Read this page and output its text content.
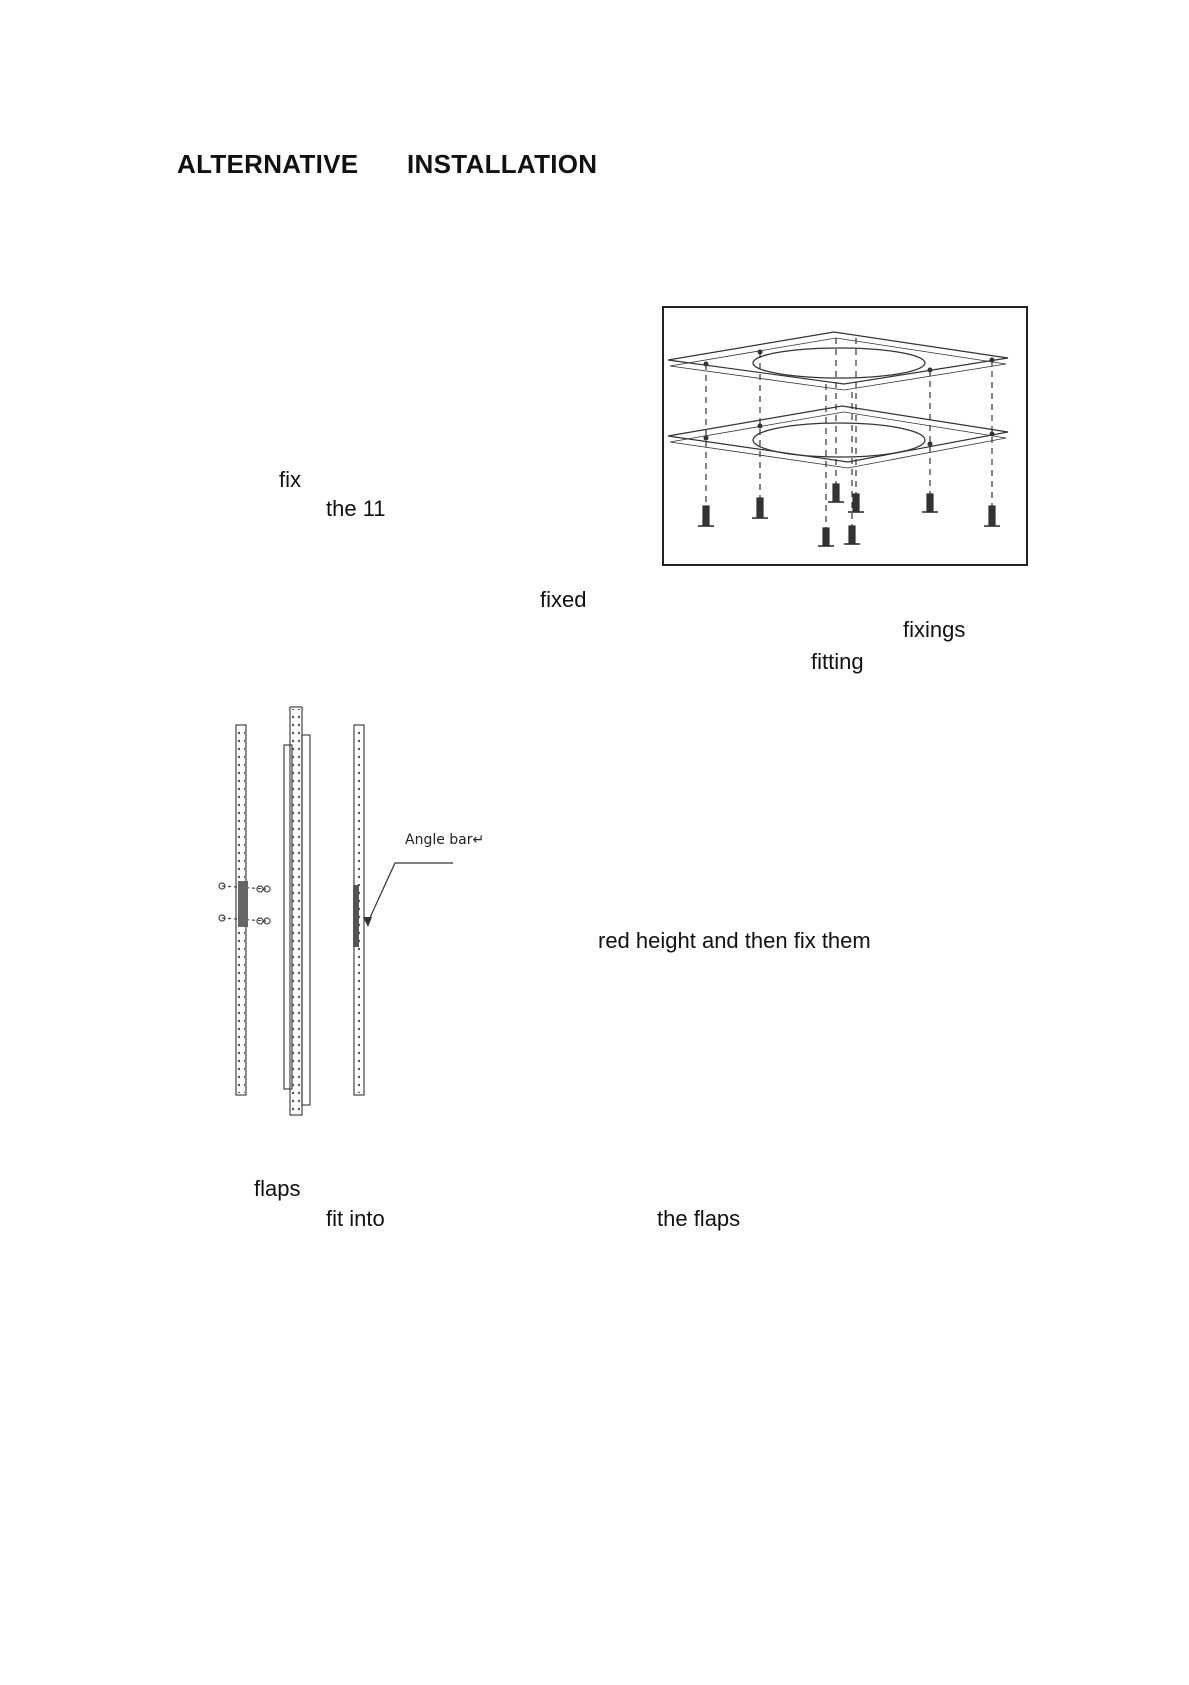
ALTERNATIVE INSTALLATION
fix
the 11
fixed
fixings
fitting
red height and then fix them
flaps
fit into	the flaps
Angle bar↵
